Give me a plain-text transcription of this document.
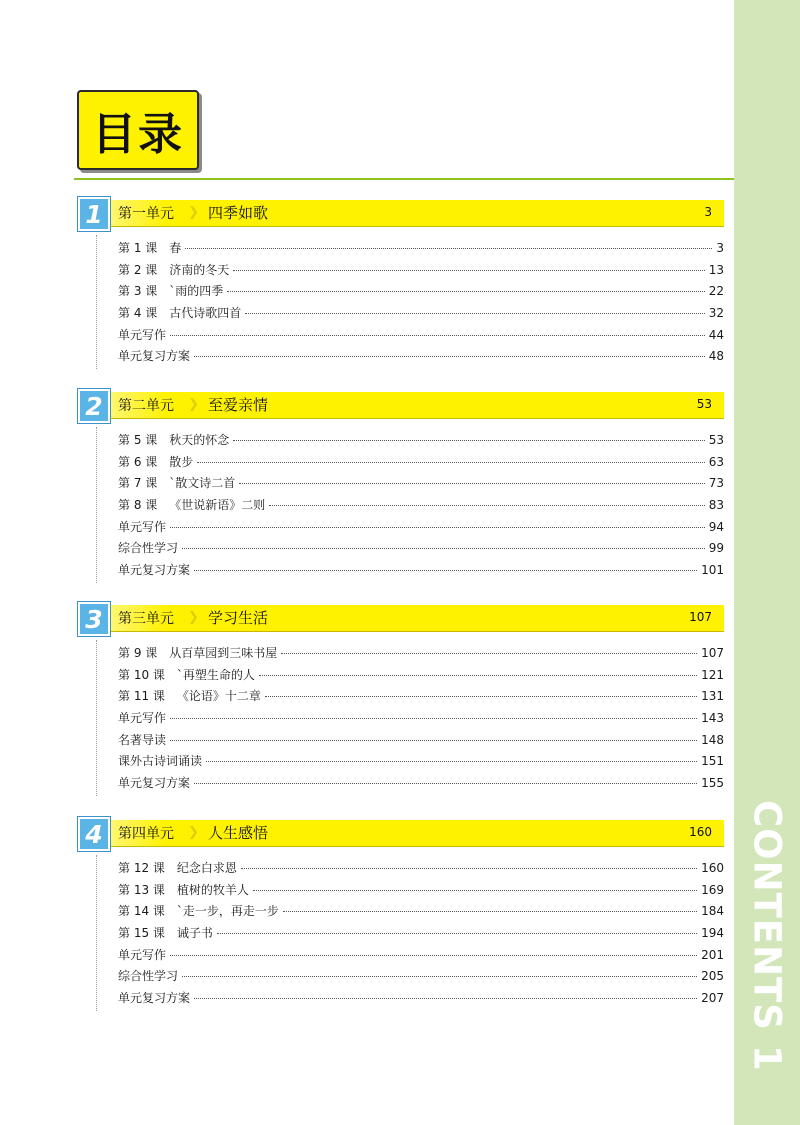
CONTENTS 1
目录
1	第一单元 ❯ 四季如歌	3
第 1 课 春	3
第 2 课 济南的冬天	13
第 3 课 ˋ雨的四季	22
第 4 课 古代诗歌四首	32
单元写作	44
单元复习方案	48
2	第二单元 ❯ 至爱亲情	53
第 5 课 秋天的怀念	53
第 6 课 散步	63
第 7 课 ˋ散文诗二首	73
第 8 课 《世说新语》二则	83
单元写作	94
综合性学习	99
单元复习方案	101
3	第三单元 ❯ 学习生活	107
第 9 课 从百草园到三味书屋	107
第 10 课 ˋ再塑生命的人	121
第 11 课 《论语》十二章	131
单元写作	143
名著导读	148
课外古诗词诵读	151
单元复习方案	155
4	第四单元 ❯ 人生感悟	160
第 12 课 纪念白求恩	160
第 13 课 植树的牧羊人	169
第 14 课 ˋ走一步，再走一步	184
第 15 课 诫子书	194
单元写作	201
综合性学习	205
单元复习方案	207
